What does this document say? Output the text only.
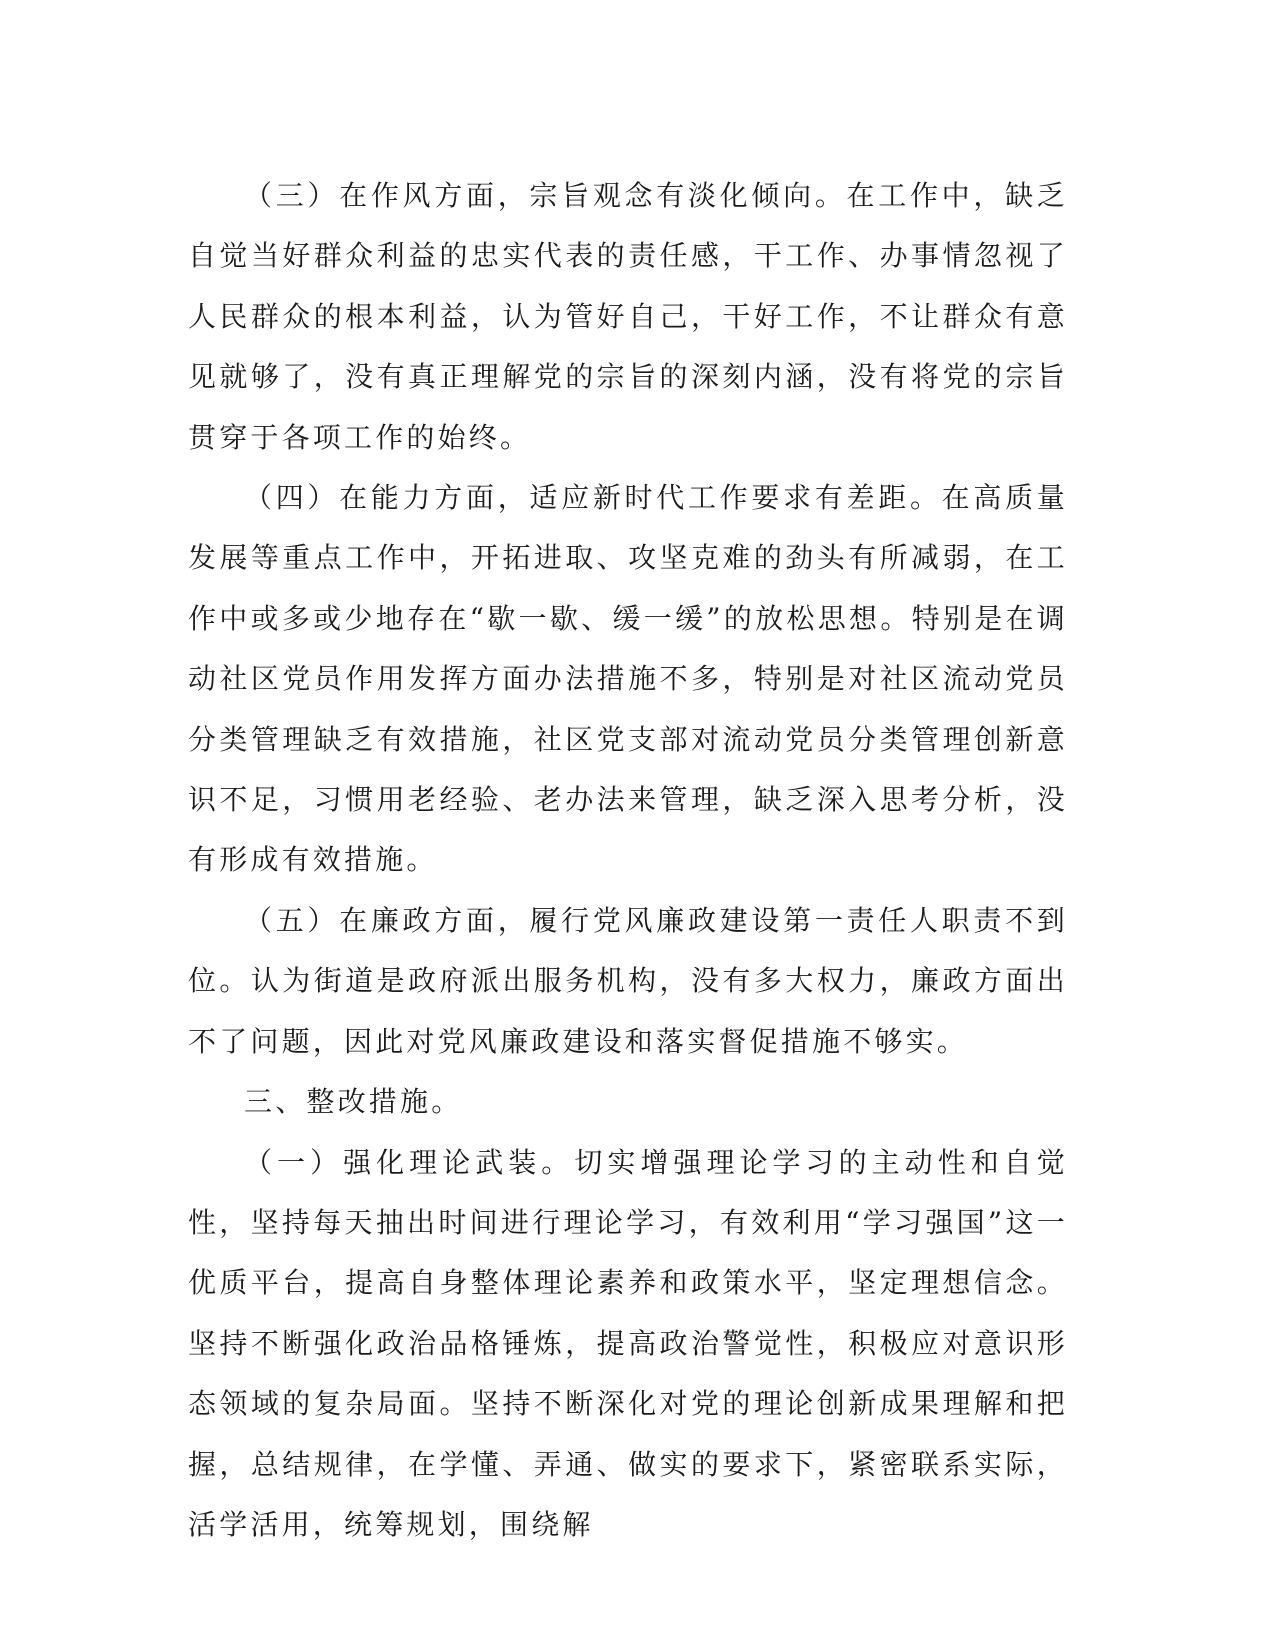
（三）在作风方面，宗旨观念有淡化倾向。在工作中，缺乏自觉当好群众利益的忠实代表的责任感，干工作、办事情忽视了人民群众的根本利益，认为管好自己，干好工作，不让群众有意见就够了，没有真正理解党的宗旨的深刻内涵，没有将党的宗旨贯穿于各项工作的始终。

（四）在能力方面，适应新时代工作要求有差距。在高质量发展等重点工作中，开拓进取、攻坚克难的劲头有所减弱，在工作中或多或少地存在“歇一歇、缓一缓”的放松思想。特别是在调动社区党员作用发挥方面办法措施不多，特别是对社区流动党员分类管理缺乏有效措施，社区党支部对流动党员分类管理创新意识不足，习惯用老经验、老办法来管理，缺乏深入思考分析，没有形成有效措施。

（五）在廉政方面，履行党风廉政建设第一责任人职责不到位。认为街道是政府派出服务机构，没有多大权力，廉政方面出不了问题，因此对党风廉政建设和落实督促措施不够实。

三、整改措施。

（一）强化理论武装。切实增强理论学习的主动性和自觉性，坚持每天抽出时间进行理论学习，有效利用“学习强国”这一优质平台，提高自身整体理论素养和政策水平，坚定理想信念。坚持不断强化政治品格锤炼，提高政治警觉性，积极应对意识形态领域的复杂局面。坚持不断深化对党的理论创新成果理解和把握，总结规律，在学懂、弄通、做实的要求下，紧密联系实际，活学活用，统筹规划，围绕解
